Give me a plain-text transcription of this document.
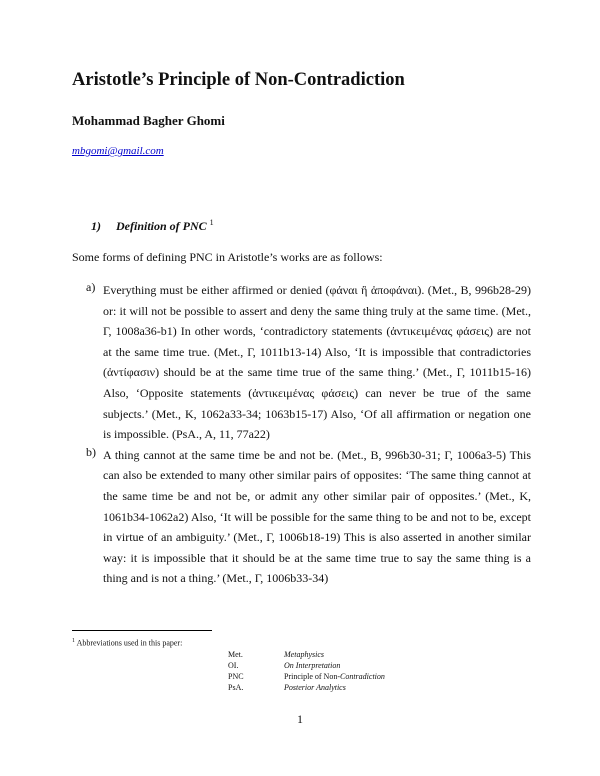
Aristotle’s Principle of Non-Contradiction
Mohammad Bagher Ghomi
mbgomi@gmail.com
1) Definition of PNC $^1$
Some forms of defining PNC in Aristotle’s works are as follows:
a) Everything must be either affirmed or denied (φάναι ἢ ἀποφάναι). (Met., B, 996b28-29) or: it will not be possible to assert and deny the same thing truly at the same time. (Met., Γ, 1008a36-b1) In other words, ‘contradictory statements (ἀντικειμένας φάσεις) are not at the same time true. (Met., Γ, 1011b13-14) Also, ‘It is impossible that contradictories (ἀντίφασιν) should be at the same time true of the same thing.’ (Met., Γ, 1011b15-16) Also, ‘Opposite statements (ἀντικειμένας φάσεις) can never be true of the same subjects.’ (Met., K, 1062a33-34; 1063b15-17) Also, ‘Of all affirmation or negation one is impossible. (PsA., A, 11, 77a22)
b) A thing cannot at the same time be and not be. (Met., B, 996b30-31; Γ, 1006a3-5) This can also be extended to many other similar pairs of opposites: ‘The same thing cannot at the same time be and not be, or admit any other similar pair of opposites.’ (Met., K, 1061b34-1062a2) Also, ‘It will be possible for the same thing to be and not to be, except in virtue of an ambiguity.’ (Met., Γ, 1006b18-19) This is also asserted in another similar way: it is impossible that it should be at the same time true to say the same thing is a thing and is not a thing.’ (Met., Γ, 1006b33-34)
$^1$ Abbreviations used in this paper:
Met.	Metaphysics
OI.	On Interpretation
PNC	Principle of Non-Contradiction
PsA.	Posterior Analytics
1
